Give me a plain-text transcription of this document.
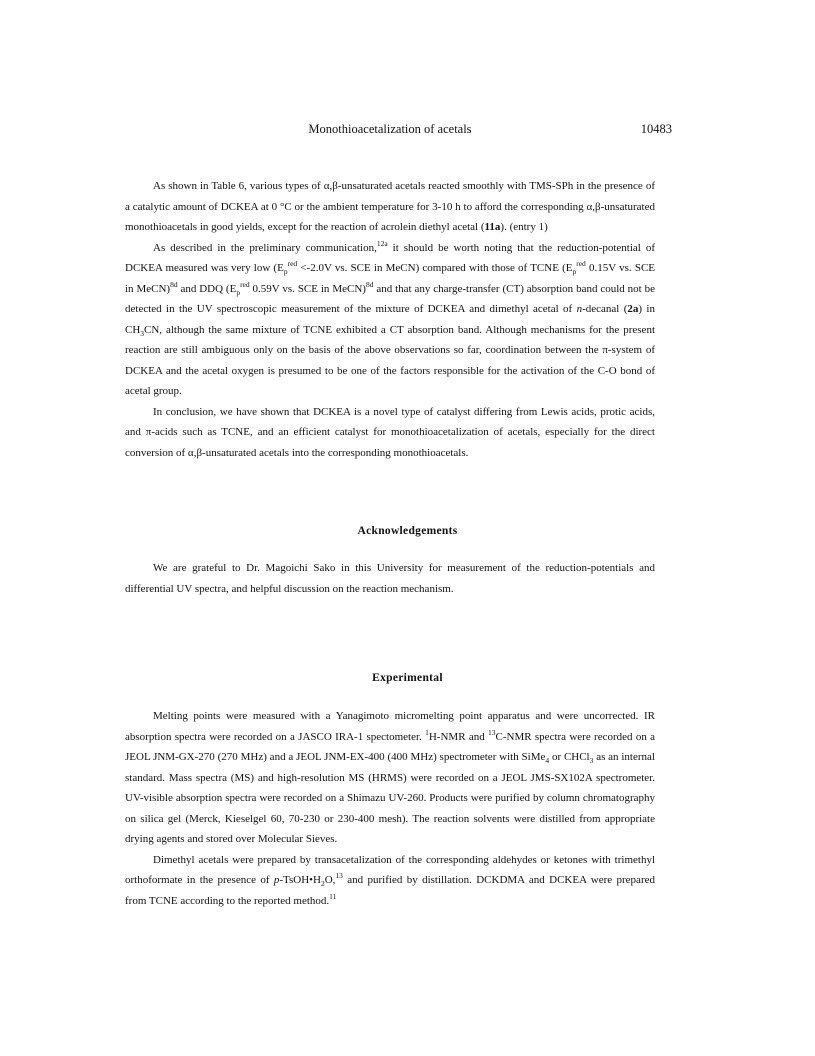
Monothioacetalization of acetals	10483

As shown in Table 6, various types of α,β-unsaturated acetals reacted smoothly with TMS-SPh in the presence of a catalytic amount of DCKEA at 0 °C or the ambient temperature for 3-10 h to afford the corresponding α,β-unsaturated monothioacetals in good yields, except for the reaction of acrolein diethyl acetal (11a). (entry 1)

As described in the preliminary communication,$^{12a}$ it should be worth noting that the reduction-potential of DCKEA measured was very low ($E_p^{red} <-2.0V$ vs. SCE in MeCN) compared with those of TCNE ($E_p^{red}$ 0.15V vs. SCE in MeCN)$^{8d}$ and DDQ ($E_p^{red}$ 0.59V vs. SCE in MeCN)$^{8d}$ and that any charge-transfer (CT) absorption band could not be detected in the UV spectroscopic measurement of the mixture of DCKEA and dimethyl acetal of n-decanal (2a) in $CH_3CN$, although the same mixture of TCNE exhibited a CT absorption band. Although mechanisms for the present reaction are still ambiguous only on the basis of the above observations so far, coordination between the π-system of DCKEA and the acetal oxygen is presumed to be one of the factors responsible for the activation of the C-O bond of acetal group.

In conclusion, we have shown that DCKEA is a novel type of catalyst differing from Lewis acids, protic acids, and π-acids such as TCNE, and an efficient catalyst for monothioacetalization of acetals, especially for the direct conversion of α,β-unsaturated acetals into the corresponding monothioacetals.

Acknowledgements

We are grateful to Dr. Magoichi Sako in this University for measurement of the reduction-potentials and differential UV spectra, and helpful discussion on the reaction mechanism.

Experimental

Melting points were measured with a Yanagimoto micromelting point apparatus and were uncorrected. IR absorption spectra were recorded on a JASCO IRA-1 spectometer. $^1$H-NMR and $^{13}$C-NMR spectra were recorded on a JEOL JNM-GX-270 (270 MHz) and a JEOL JNM-EX-400 (400 MHz) spectrometer with SiMe$_4$ or CHCl$_3$ as an internal standard. Mass spectra (MS) and high-resolution MS (HRMS) were recorded on a JEOL JMS-SX102A spectrometer. UV-visible absorption spectra were recorded on a Shimazu UV-260. Products were purified by column chromatography on silica gel (Merck, Kieselgel 60, 70-230 or 230-400 mesh). The reaction solvents were distilled from appropriate drying agents and stored over Molecular Sieves.

Dimethyl acetals were prepared by transacetalization of the corresponding aldehydes or ketones with trimethyl orthoformate in the presence of $p-TsOH•H_2O,^{13}$ and purified by distillation. DCKDMA and DCKEA were prepared from TCNE according to the reported method.$^{11}$
